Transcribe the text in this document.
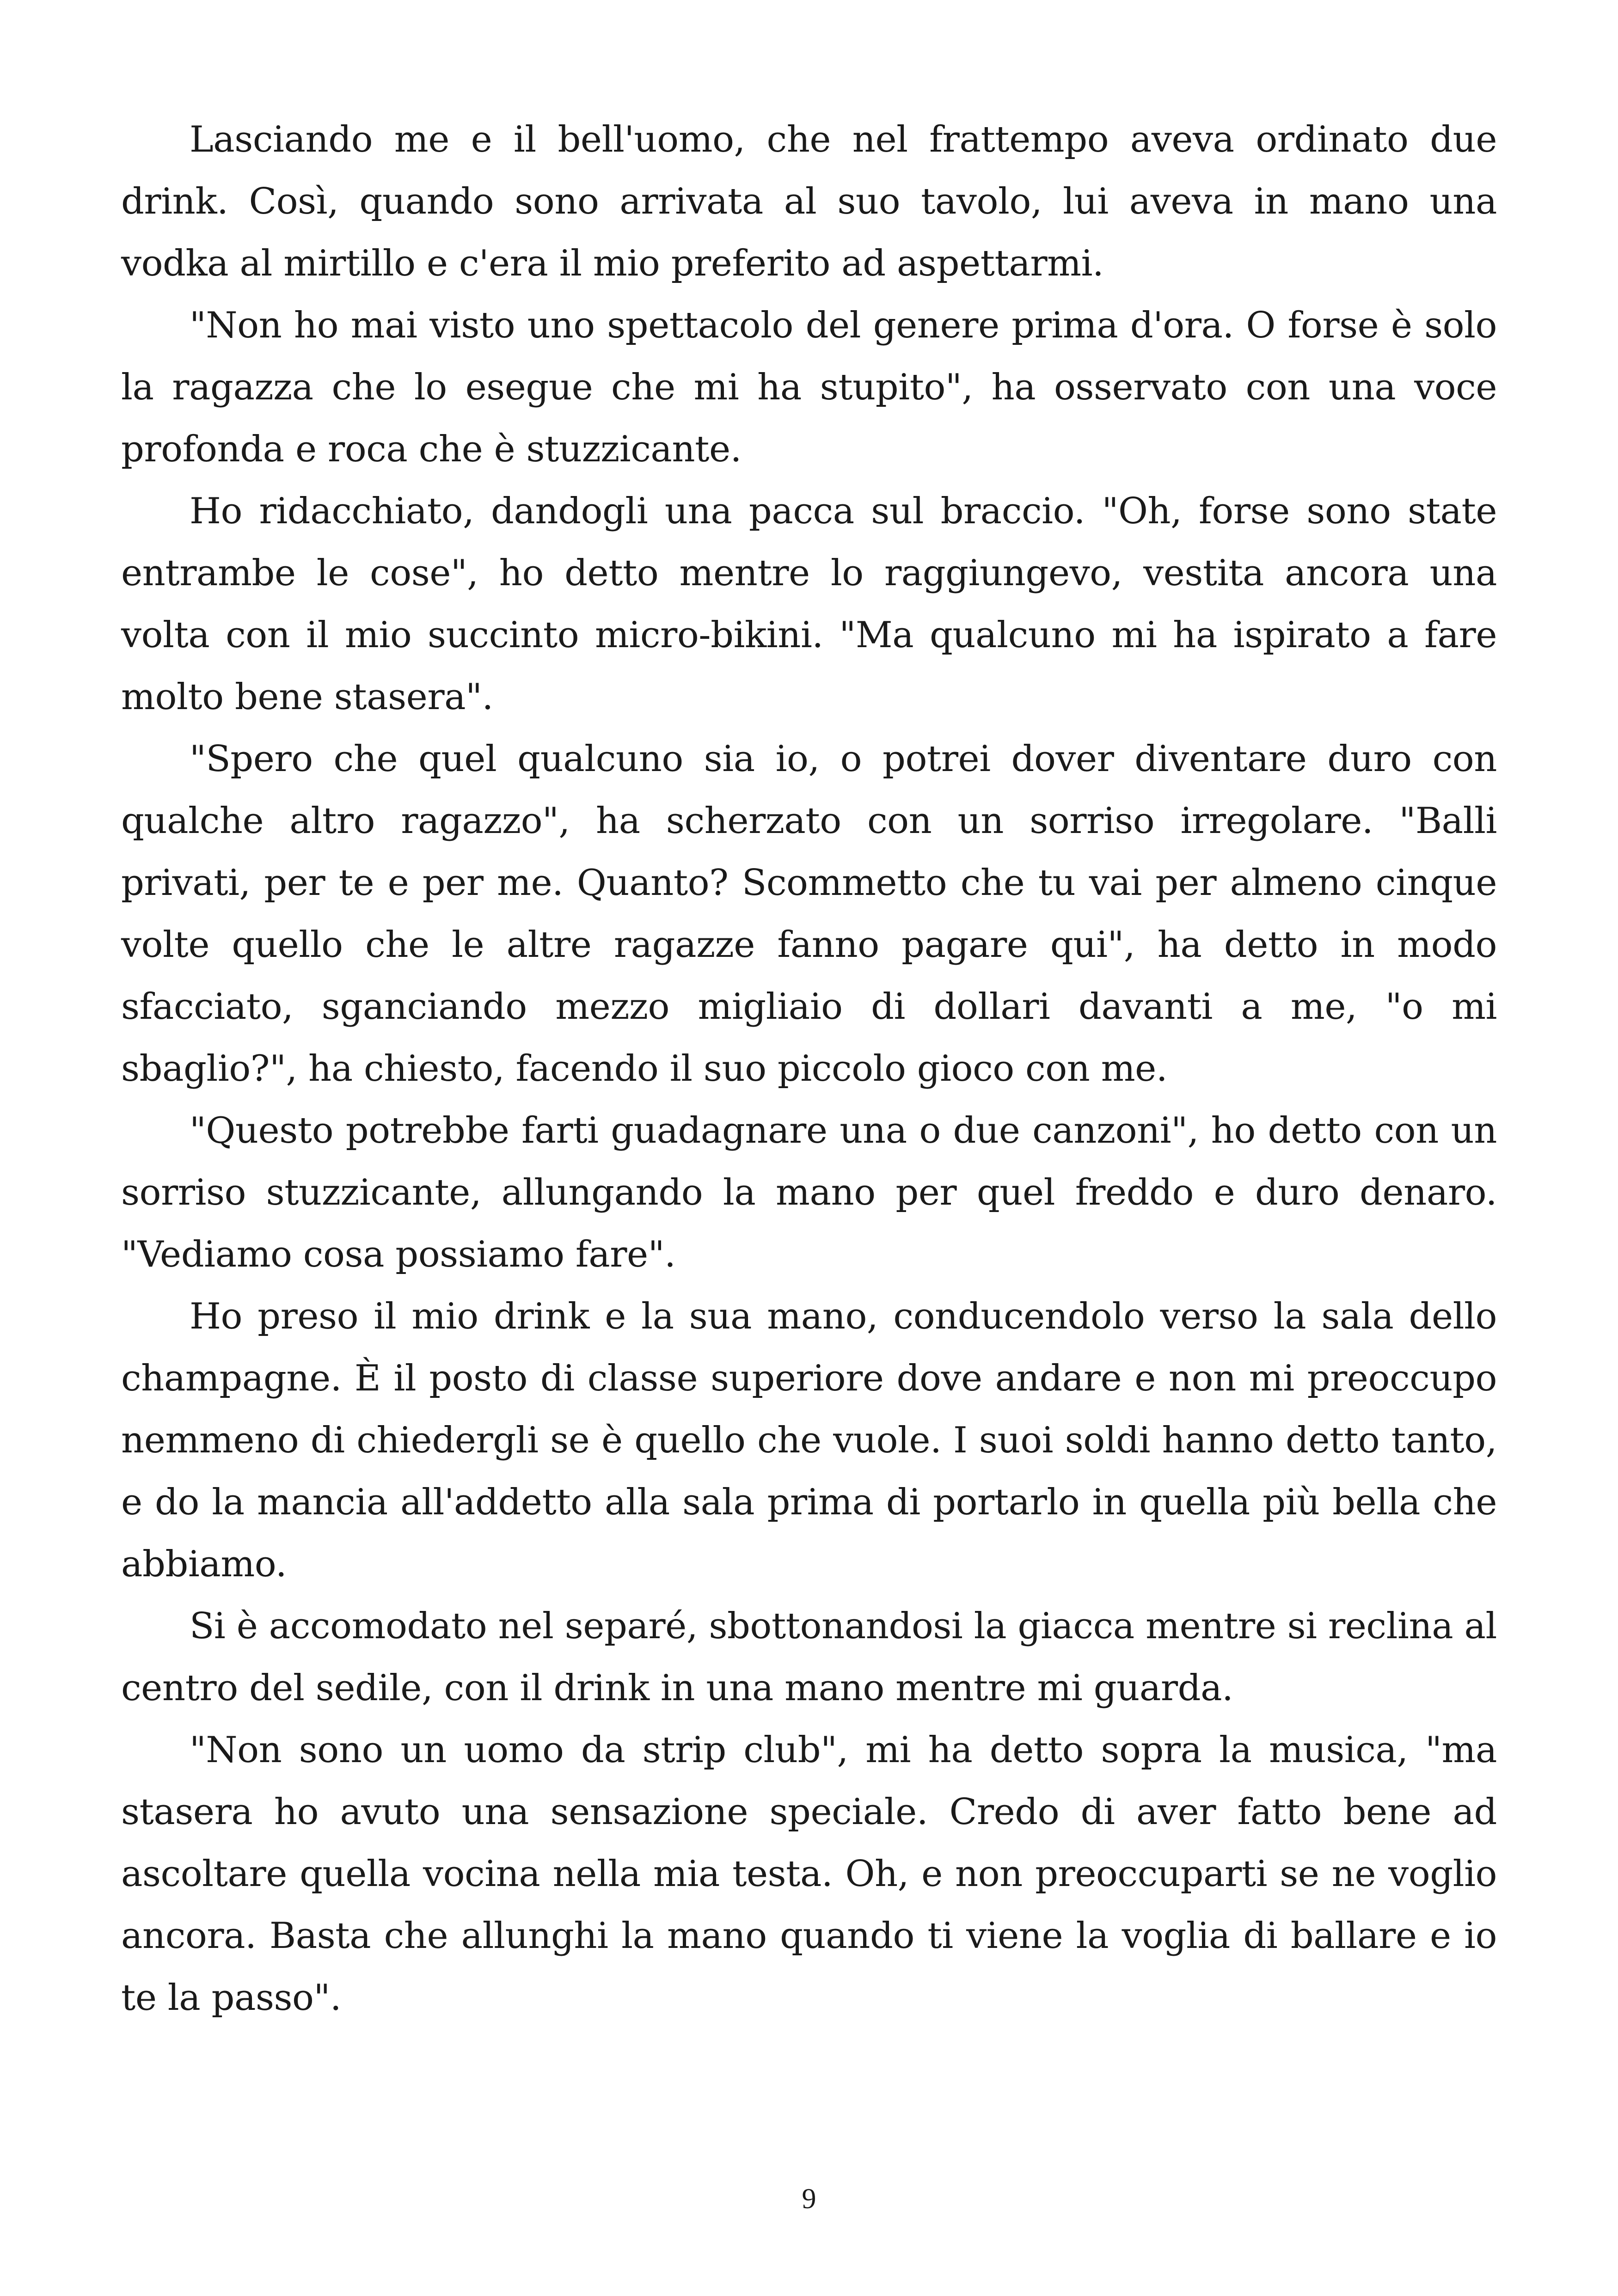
Lasciando me e il bell'uomo, che nel frattempo aveva ordinato due drink. Così, quando sono arrivata al suo tavolo, lui aveva in mano una vodka al mirtillo e c'era il mio preferito ad aspettarmi.

"Non ho mai visto uno spettacolo del genere prima d'ora. O forse è solo la ragazza che lo esegue che mi ha stupito", ha osservato con una voce profonda e roca che è stuzzicante.

Ho ridacchiato, dandogli una pacca sul braccio. "Oh, forse sono state entrambe le cose", ho detto mentre lo raggiungevo, vestita ancora una volta con il mio succinto micro-bikini. "Ma qualcuno mi ha ispirato a fare molto bene stasera".

"Spero che quel qualcuno sia io, o potrei dover diventare duro con qualche altro ragazzo", ha scherzato con un sorriso irregolare. "Balli privati, per te e per me. Quanto? Scommetto che tu vai per almeno cinque volte quello che le altre ragazze fanno pagare qui", ha detto in modo sfacciato, sganciando mezzo migliaio di dollari davanti a me, "o mi sbaglio?", ha chiesto, facendo il suo piccolo gioco con me.

"Questo potrebbe farti guadagnare una o due canzoni", ho detto con un sorriso stuzzicante, allungando la mano per quel freddo e duro denaro. "Vediamo cosa possiamo fare".

Ho preso il mio drink e la sua mano, conducendolo verso la sala dello champagne. È il posto di classe superiore dove andare e non mi preoccupo nemmeno di chiedergli se è quello che vuole. I suoi soldi hanno detto tanto, e do la mancia all'addetto alla sala prima di portarlo in quella più bella che abbiamo.

Si è accomodato nel separé, sbottonandosi la giacca mentre si reclina al centro del sedile, con il drink in una mano mentre mi guarda.

"Non sono un uomo da strip club", mi ha detto sopra la musica, "ma stasera ho avuto una sensazione speciale. Credo di aver fatto bene ad ascoltare quella vocina nella mia testa. Oh, e non preoccuparti se ne voglio ancora. Basta che allunghi la mano quando ti viene la voglia di ballare e io te la passo".

9
